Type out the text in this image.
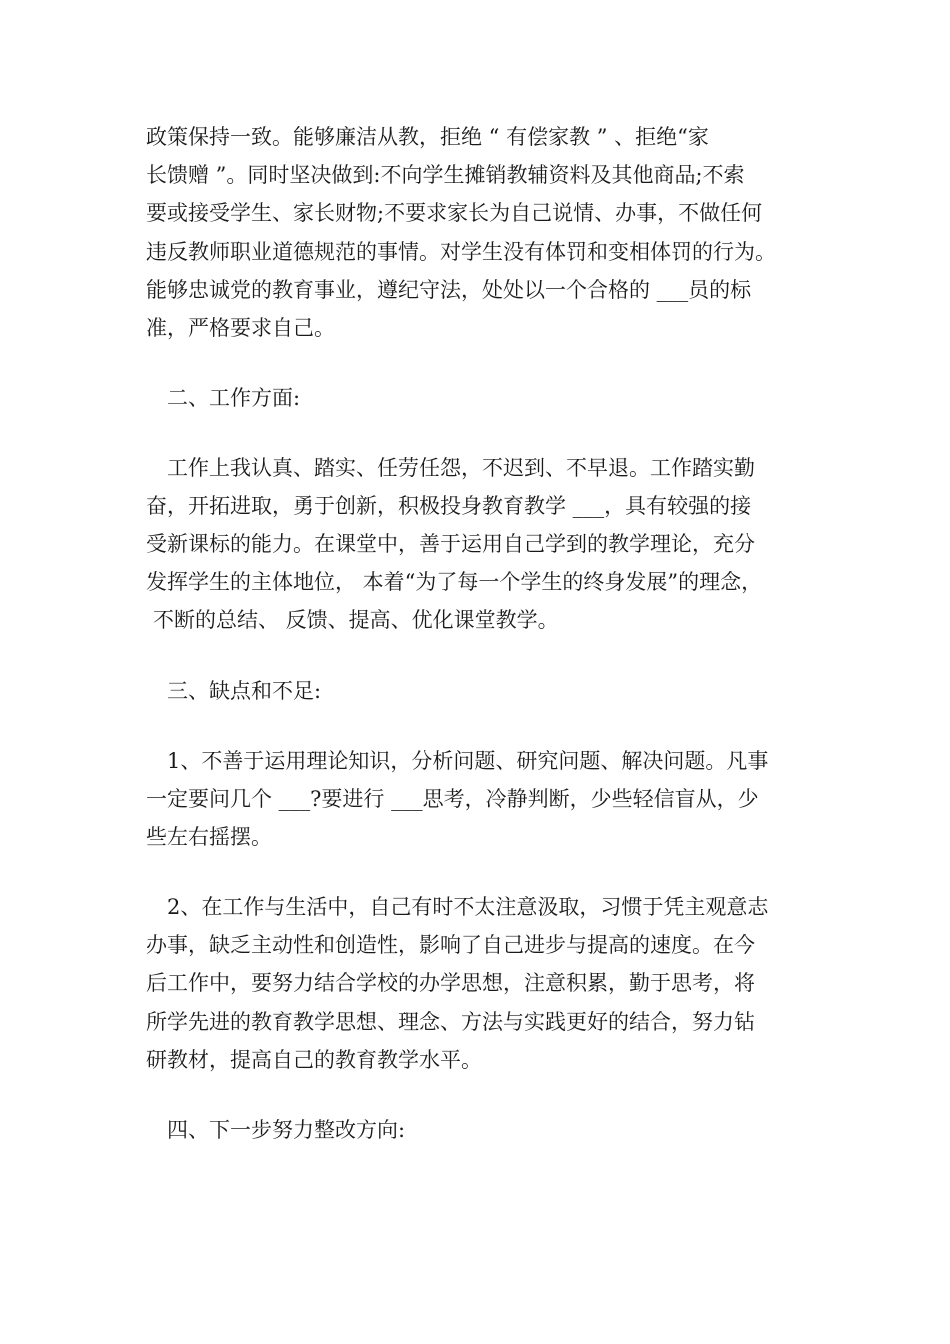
政策保持一致。能够廉洁从教，拒绝 “ 有偿家教 ” 、拒绝“家
长馈赠 ”。同时坚决做到:不向学生摊销教辅资料及其他商品;不索
要或接受学生、家长财物;不要求家长为自己说情、办事，不做任何
违反教师职业道德规范的事情。对学生没有体罚和变相体罚的行为。
能够忠诚党的教育事业，遵纪守法，处处以一个合格的 ___员的标
准，严格要求自己。
二、工作方面:
工作上我认真、踏实、任劳任怨，不迟到、不早退。工作踏实勤
奋，开拓进取，勇于创新，积极投身教育教学 ___，具有较强的接
受新课标的能力。在课堂中，善于运用自己学到的教学理论，充分
发挥学生的主体地位， 本着“为了每一个学生的终身发展”的理念，
不断的总结、 反馈、提高、优化课堂教学。
三、缺点和不足:
1、不善于运用理论知识，分析问题、研究问题、解决问题。凡事
一定要问几个 ___?要进行 ___思考，冷静判断，少些轻信盲从，少
些左右摇摆。
2、在工作与生活中，自己有时不太注意汲取，习惯于凭主观意志
办事，缺乏主动性和创造性，影响了自己进步与提高的速度。在今
后工作中，要努力结合学校的办学思想，注意积累，勤于思考，将
所学先进的教育教学思想、理念、方法与实践更好的结合，努力钻
研教材，提高自己的教育教学水平。
四、下一步努力整改方向:
